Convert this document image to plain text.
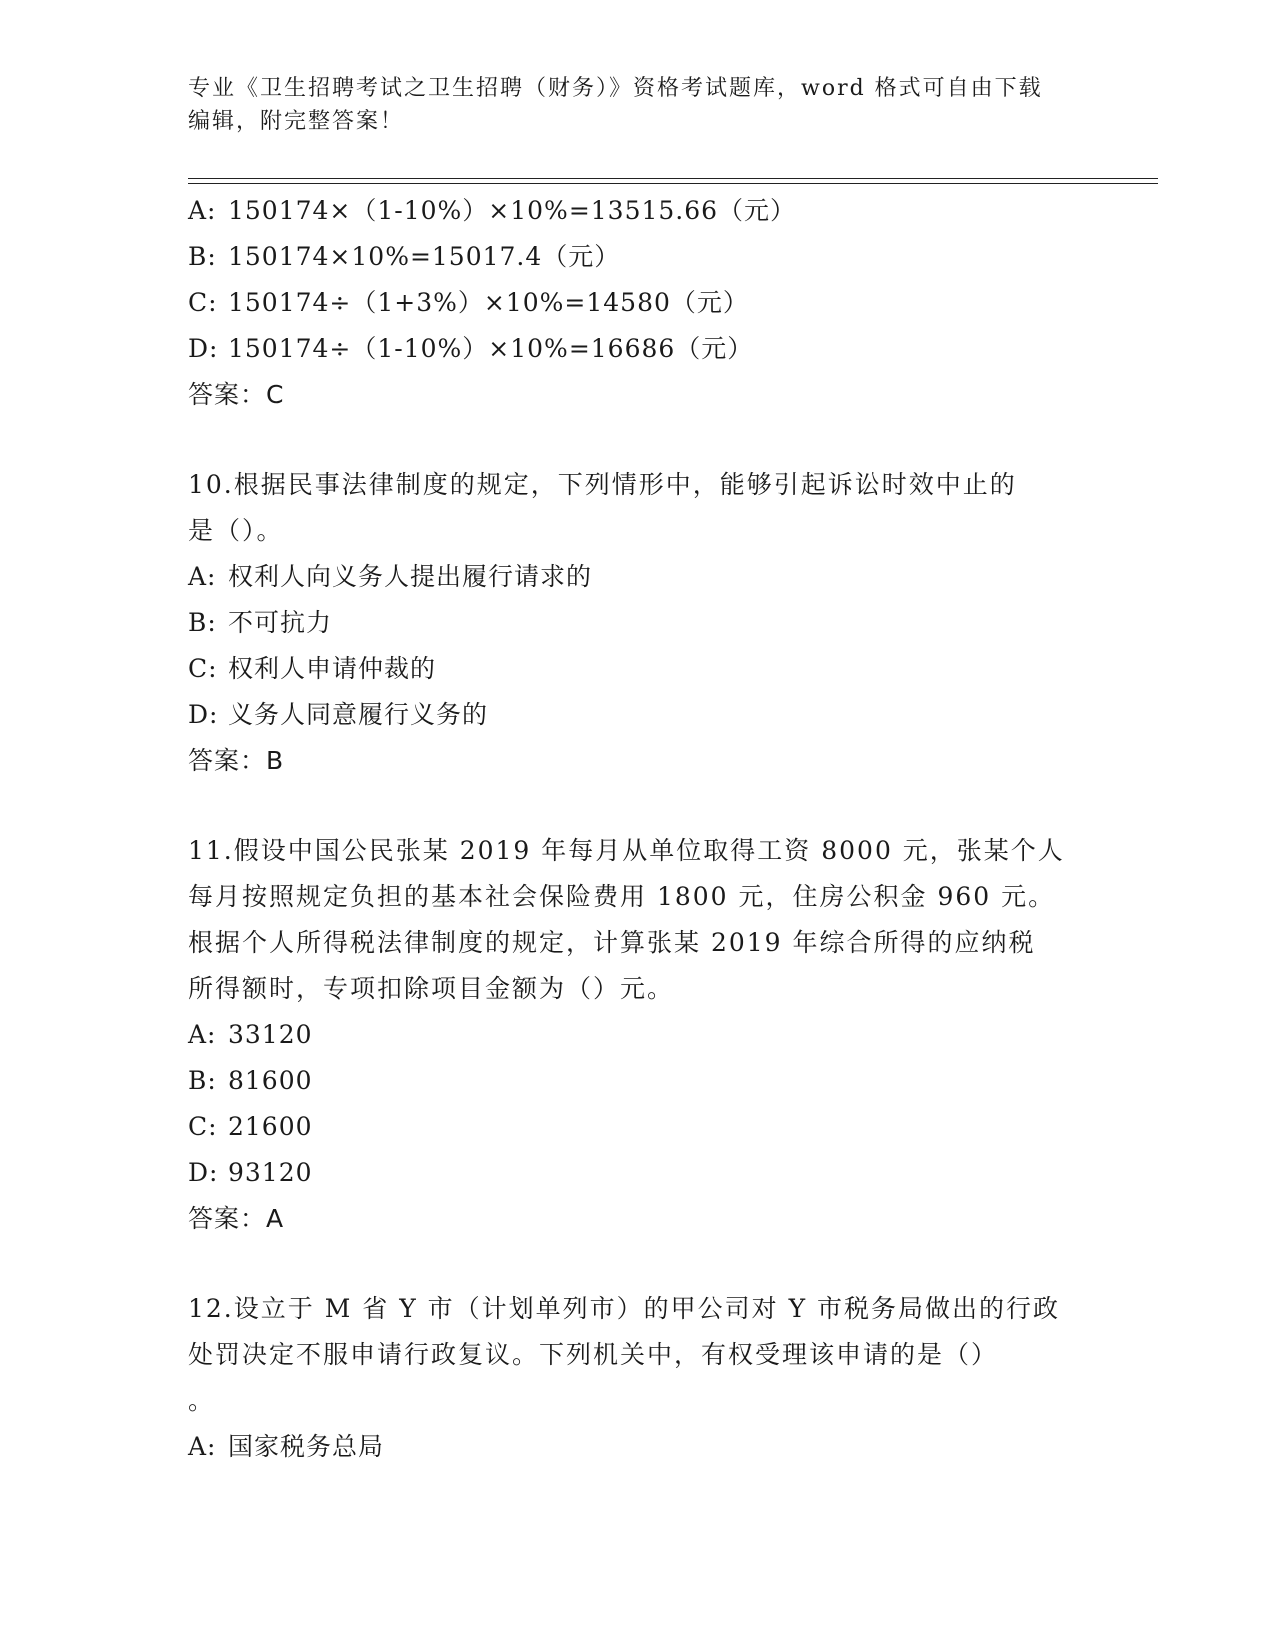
专业《卫生招聘考试之卫生招聘（财务）》资格考试题库，word 格式可自由下载
编辑，附完整答案！
A: 150174×（1-10%）×10%=13515.66（元）
B: 150174×10%=15017.4（元）
C: 150174÷（1+3%）×10%=14580（元）
D: 150174÷（1-10%）×10%=16686（元）
答案：C
10.根据民事法律制度的规定，下列情形中，能够引起诉讼时效中止的
是（）。
A: 权利人向义务人提出履行请求的
B: 不可抗力
C: 权利人申请仲裁的
D: 义务人同意履行义务的
答案：B
11.假设中国公民张某 2019 年每月从单位取得工资 8000 元，张某个人
每月按照规定负担的基本社会保险费用 1800 元，住房公积金 960 元。
根据个人所得税法律制度的规定，计算张某 2019 年综合所得的应纳税
所得额时，专项扣除项目金额为（）元。
A: 33120
B: 81600
C: 21600
D: 93120
答案：A
12.设立于 M 省 Y 市（计划单列市）的甲公司对 Y 市税务局做出的行政
处罚决定不服申请行政复议。下列机关中，有权受理该申请的是（）
。
A: 国家税务总局
